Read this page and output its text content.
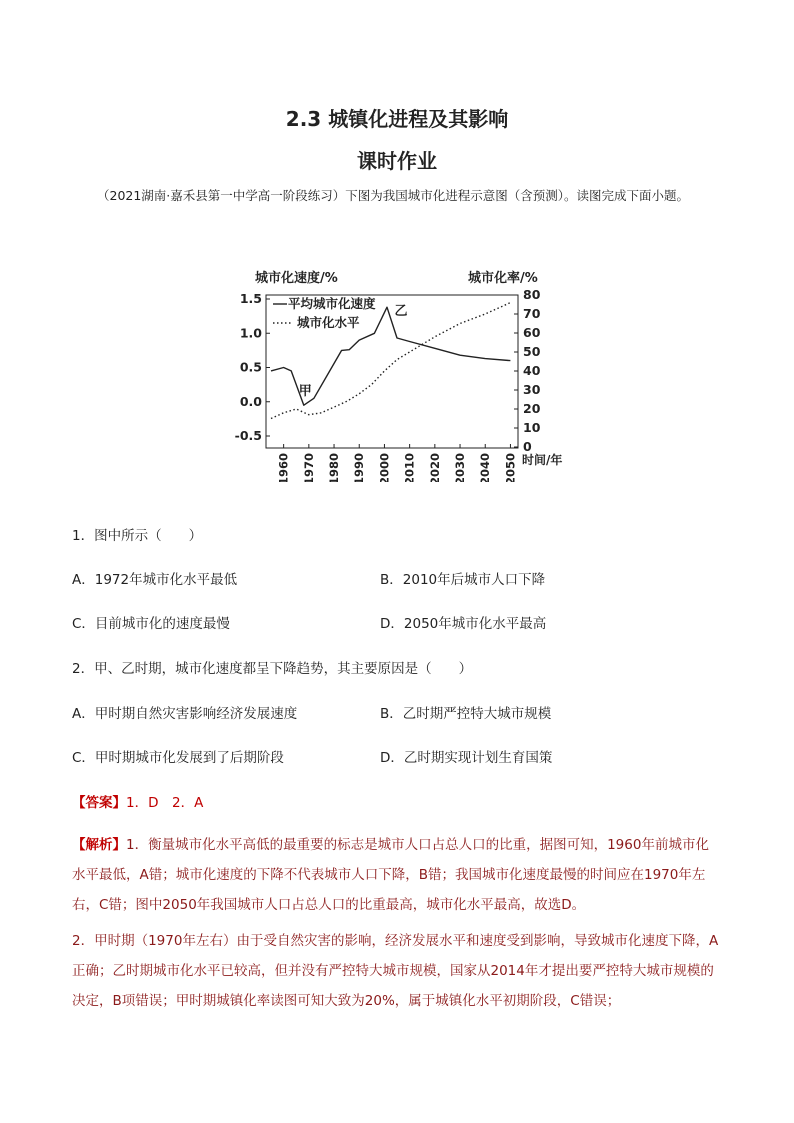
2.3 城镇化进程及其影响
课时作业
（2021湖南·嘉禾县第一中学高一阶段练习）下图为我国城市化进程示意图（含预测）。读图完成下面小题。
城市化速度/%	城市化率/%
平均城市化速度
城市化水平
1.5
1.0
0.5
0.0
-0.5
80
70
60
50
40
30
20
10
0
1960 1970 1980 1990 2000 2010 2020 2030 2040 2050 时间/年
甲
乙
1．图中所示（　　）
A．1972年城市化水平最低	B．2010年后城市人口下降
C．目前城市化的速度最慢	D．2050年城市化水平最高
2．甲、乙时期，城市化速度都呈下降趋势，其主要原因是（　　）
A．甲时期自然灾害影响经济发展速度	B．乙时期严控特大城市规模
C．甲时期城市化发展到了后期阶段	D．乙时期实现计划生育国策
【答案】1．D　2．A
【解析】1．衡量城市化水平高低的最重要的标志是城市人口占总人口的比重，据图可知，1960年前城市化水平最低，A错；城市化速度的下降不代表城市人口下降，B错；我国城市化速度最慢的时间应在1970年左右，C错；图中2050年我国城市人口占总人口的比重最高，城市化水平最高，故选D。
2．甲时期（1970年左右）由于受自然灾害的影响，经济发展水平和速度受到影响，导致城市化速度下降，A正确；乙时期城市化水平已较高，但并没有严控特大城市规模，国家从2014年才提出要严控特大城市规模的决定，B项错误；甲时期城镇化率读图可知大致为20%，属于城镇化水平初期阶段，C错误；
